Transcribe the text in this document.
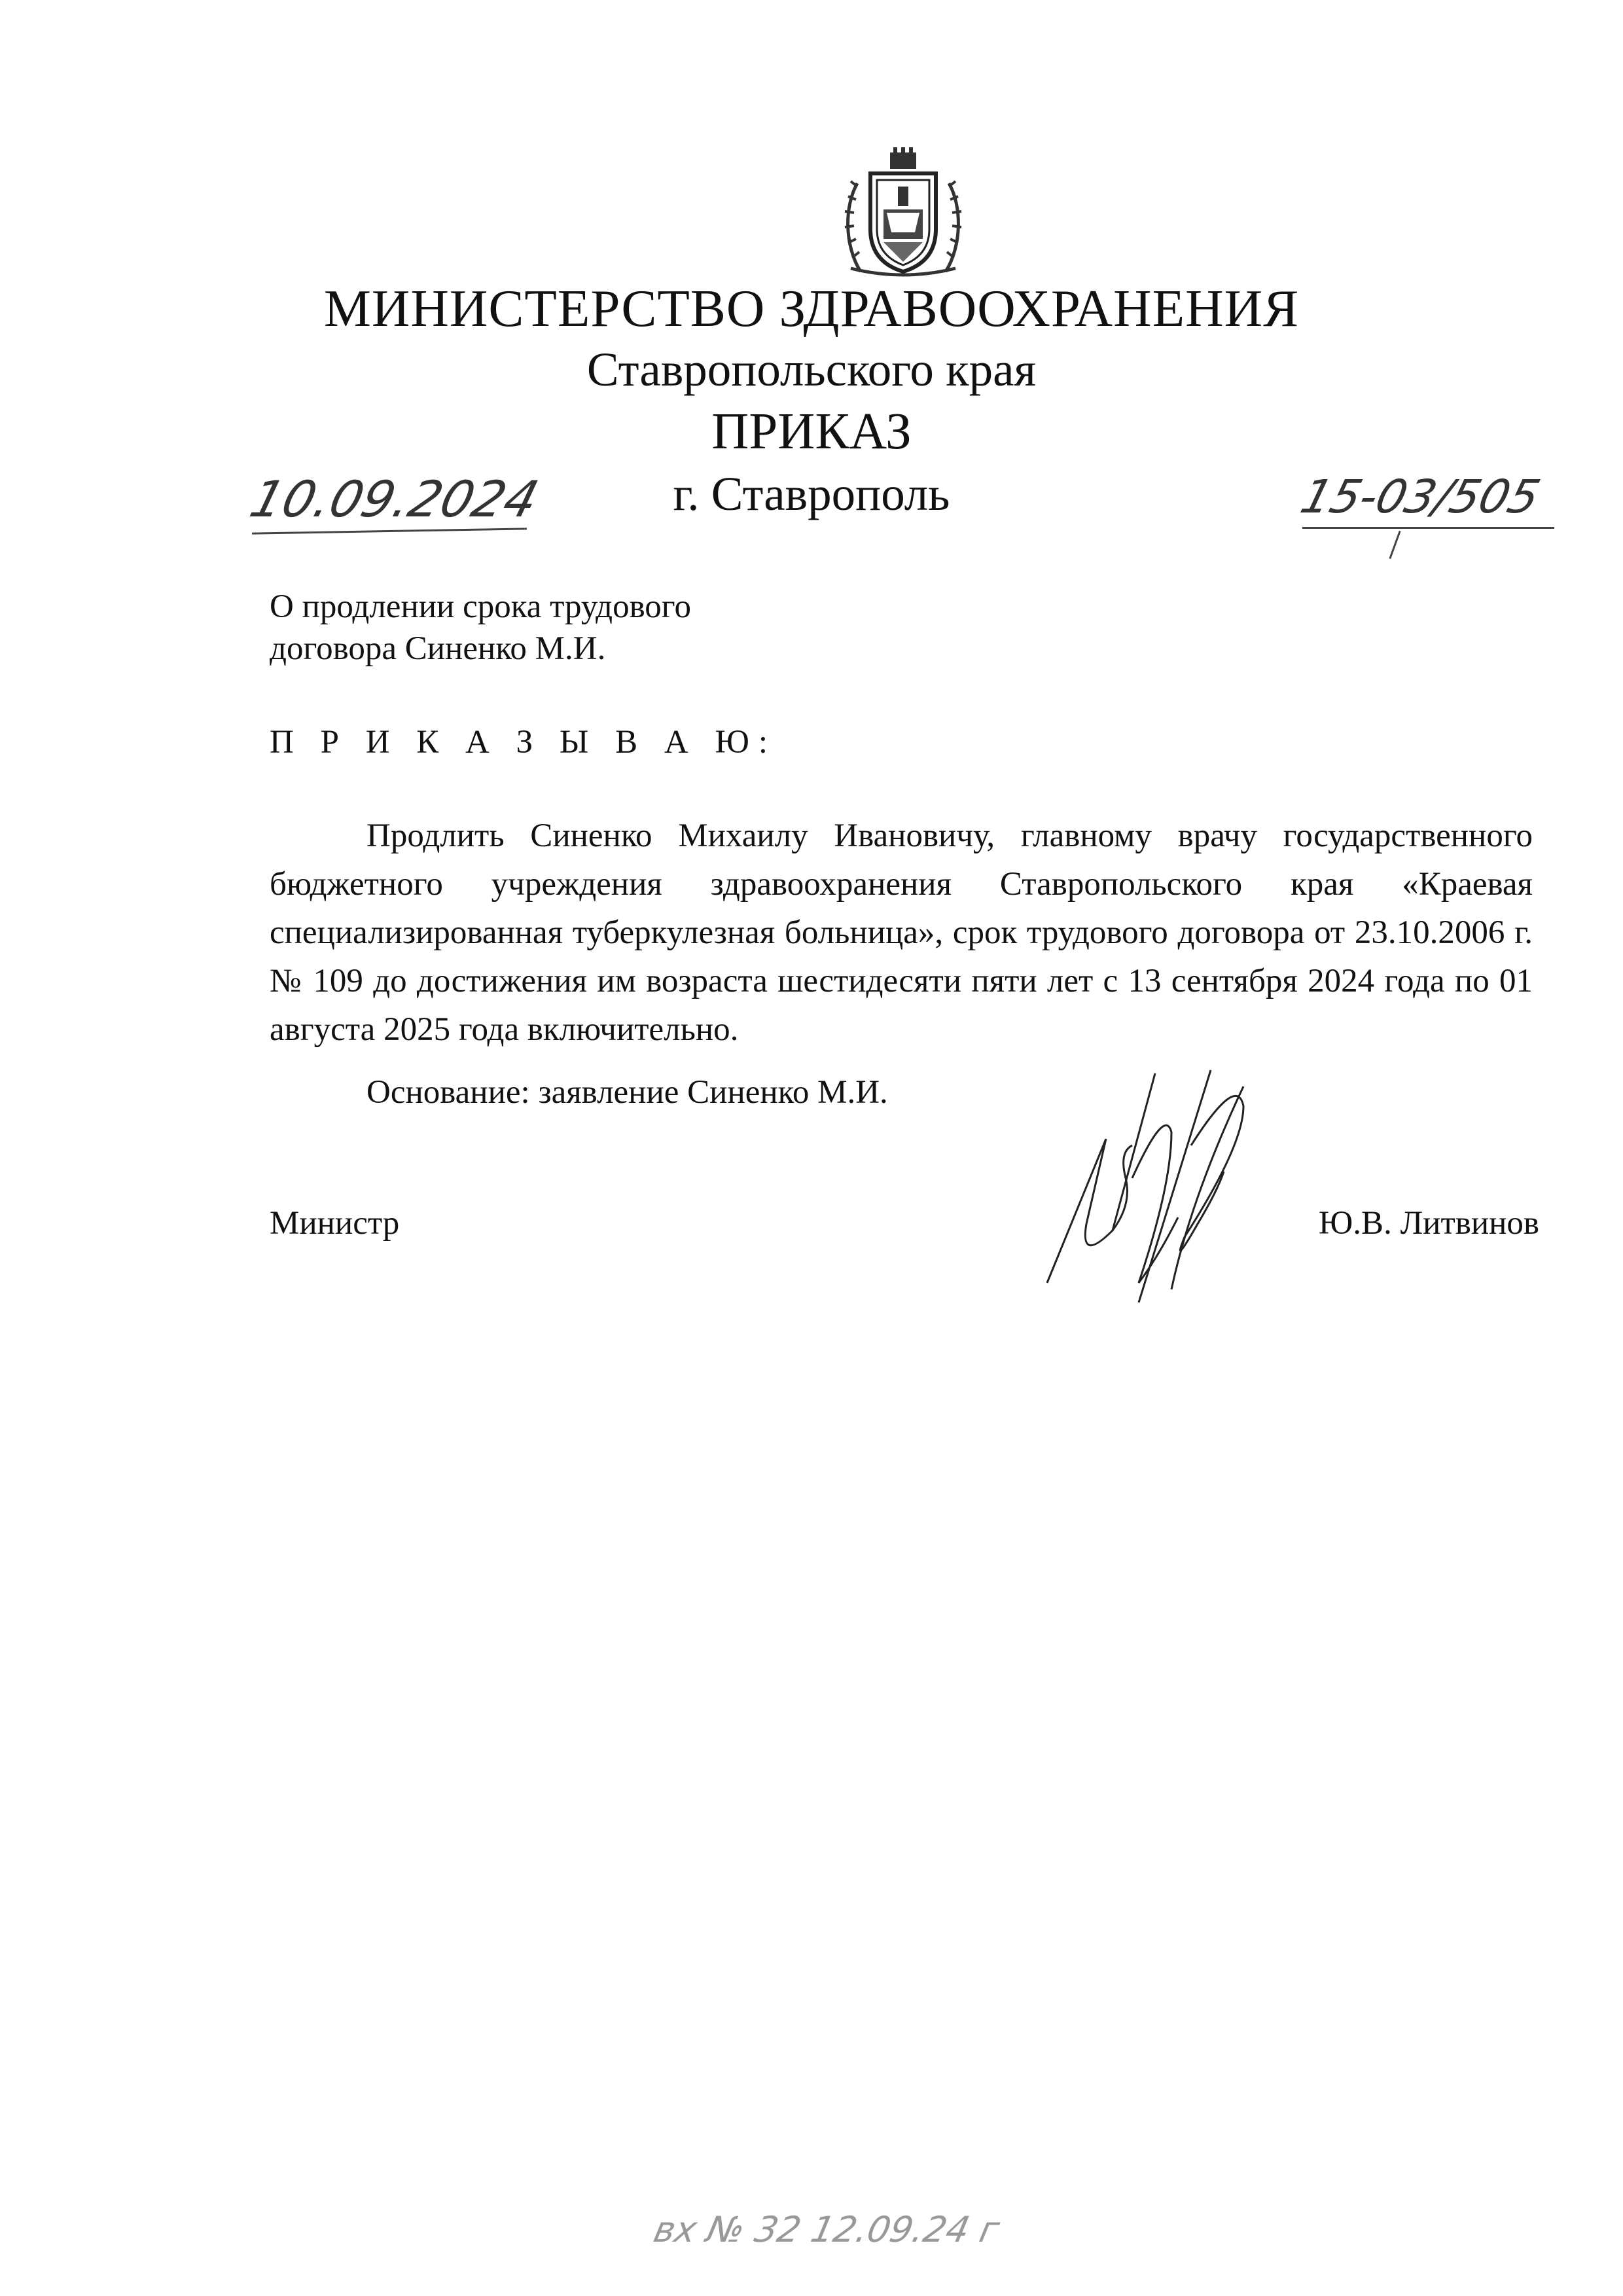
МИНИСТЕРСТВО ЗДРАВООХРАНЕНИЯ
Ставропольского края
ПРИКАЗ
10.09.2024	г. Ставрополь	15-03/505
О продлении срока трудового
договора Синенко М.И.
П Р И К А З Ы В А Ю:
Продлить Синенко Михаилу Ивановичу, главному врачу государственного бюджетного учреждения здравоохранения Ставропольского края «Краевая специализированная туберкулезная больница», срок трудового договора от 23.10.2006 г. № 109 до достижения им возраста шестидесяти пяти лет с 13 сентября 2024 года по 01 августа 2025 года включительно.
Основание: заявление Синенко М.И.
Министр	Ю.В. Литвинов
вх № 32 12.09.24 г
